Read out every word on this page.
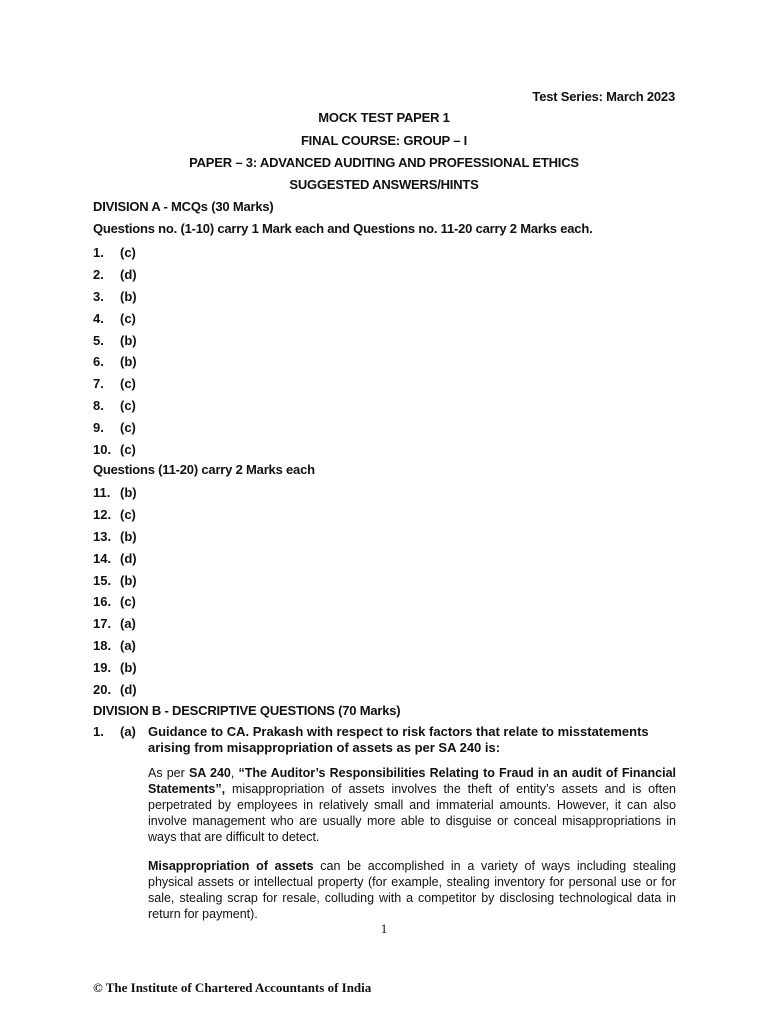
Test Series: March 2023
MOCK TEST PAPER 1
FINAL COURSE: GROUP – I
PAPER – 3: ADVANCED AUDITING AND PROFESSIONAL ETHICS
SUGGESTED ANSWERS/HINTS
DIVISION A - MCQs (30 Marks)
Questions no. (1-10) carry 1 Mark each and Questions no. 11-20 carry 2 Marks each.
1.	(c)
2.	(d)
3.	(b)
4.	(c)
5.	(b)
6.	(b)
7.	(c)
8.	(c)
9.	(c)
10. (c)
Questions (11-20) carry 2 Marks each
11. (b)
12. (c)
13. (b)
14. (d)
15. (b)
16. (c)
17. (a)
18. (a)
19. (b)
20. (d)
DIVISION B - DESCRIPTIVE QUESTIONS (70 Marks)
1.	(a) Guidance to CA. Prakash with respect to risk factors that relate to misstatements arising from misappropriation of assets as per SA 240 is:

As per SA 240, “The Auditor’s Responsibilities Relating to Fraud in an audit of Financial Statements”, misappropriation of assets involves the theft of entity’s assets and is often perpetrated by employees in relatively small and immaterial amounts. However, it can also involve management who are usually more able to disguise or conceal misappropriations in ways that are difficult to detect.

Misappropriation of assets can be accomplished in a variety of ways including stealing physical assets or intellectual property (for example, stealing inventory for personal use or for sale, stealing scrap for resale, colluding with a competitor by disclosing technological data in return for payment).

1
© The Institute of Chartered Accountants of India
